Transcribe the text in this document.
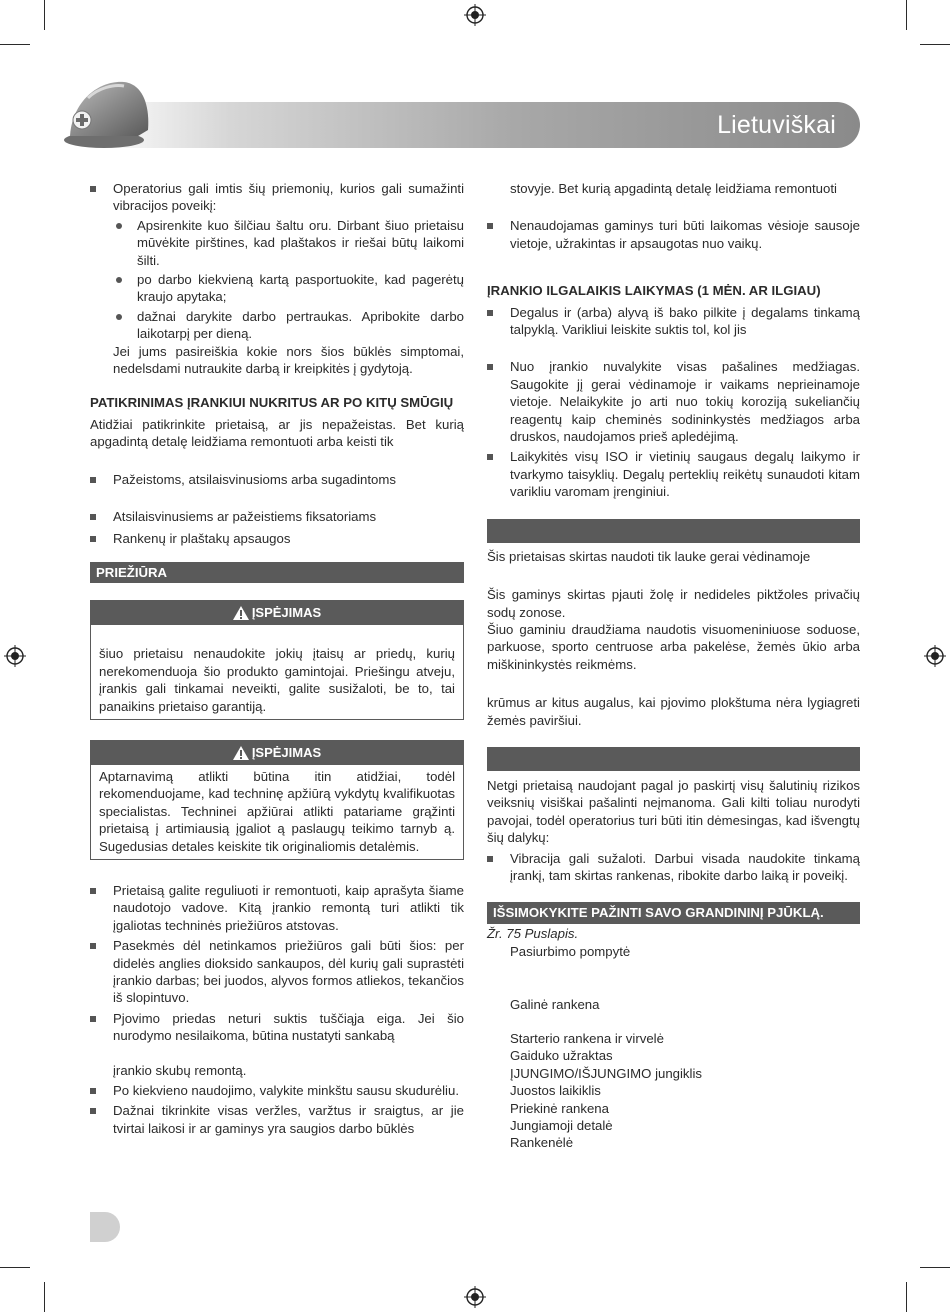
Lietuviškai
Operatorius gali imtis šių priemonių, kurios gali sumažinti vibracijos poveikį:
Apsirenkite kuo šilčiau šaltu oru. Dirbant šiuo prietaisu mūvėkite pirštines, kad plaštakos ir riešai būtų laikomi šilti.
po darbo kiekvieną kartą pasportuokite, kad pagerėtų kraujo apytaka;
dažnai darykite darbo pertraukas. Apribokite darbo laikotarpį per dieną.

Jei jums pasireiškia kokie nors šios būklės simptomai, nedelsdami nutraukite darbą ir kreipkitės į gydytoją.

PATIKRINIMAS ĮRANKIUI NUKRITUS AR PO KITŲ SMŪGIŲ

Atidžiai patikrinkite prietaisą, ar jis nepažeistas. Bet kurią apgadintą detalę leidžiama remontuoti arba keisti tik

Pažeistoms, atsilaisvinusioms arba sugadintoms
Atsilaisvinusiems ar pažeistiems fiksatoriams
Rankenų ir plaštakų apsaugos
PRIEŽIŪRA
ĮSPĖJIMAS

šiuo prietaisu nenaudokite jokių įtaisų ar priedų, kurių nerekomenduoja šio produkto gamintojai. Priešingu atveju, įrankis gali tinkamai neveikti, galite susižaloti, be to, tai panaikins prietaiso garantiją.

ĮSPĖJIMAS

Aptarnavimą atlikti būtina itin atidžiai, todėl rekomenduojame, kad techninę apžiūrą vykdytų kvalifikuotas specialistas. Techninei apžiūrai atlikti patariame grąžinti prietaisą į artimiausią įgaliot ą paslaugų teikimo tarnyb ą. Sugedusias detales keiskite tik originaliomis detalėmis.

Prietaisą galite reguliuoti ir remontuoti, kaip aprašyta šiame naudotojo vadove. Kitą įrankio remontą turi atlikti tik įgaliotas techninės priežiūros atstovas.
Pasekmės dėl netinkamos priežiūros gali būti šios: per didelės anglies dioksido sankaupos, dėl kurių gali suprastėti įrankio darbas; bei juodos, alyvos formos atliekos, tekančios iš slopintuvo.
Pjovimo priedas neturi suktis tuščiąja eiga. Jei šio nurodymo nesilaikoma, būtina nustatyti sankabą

įrankio skubų remontą.

Po kiekvieno naudojimo, valykite minkštu sausu skudurėliu.
Dažnai tikrinkite visas veržles, varžtus ir sraigtus, ar jie tvirtai laikosi ir ar gaminys yra saugios darbo būklės

stovyje. Bet kurią apgadintą detalę leidžiama remontuoti

Nenaudojamas gaminys turi būti laikomas vėsioje sausoje vietoje, užrakintas ir apsaugotas nuo vaikų.
ĮRANKIO ILGALAIKIS LAIKYMAS (1 MĖN. AR ILGIAU)
Degalus ir (arba) alyvą iš bako pilkite į degalams tinkamą talpyklą. Varikliui leiskite suktis tol, kol jis
Nuo įrankio nuvalykite visas pašalines medžiagas. Saugokite jį gerai vėdinamoje ir vaikams neprieinamoje vietoje. Nelaikykite jo arti nuo tokių koroziją sukeliančių reagentų kaip cheminės sodininkystės medžiagos arba druskos, naudojamos prieš apledėjimą.
Laikykitės visų ISO ir vietinių saugaus degalų laikymo ir tvarkymo taisyklių. Degalų perteklių reikėtų sunaudoti kitam varikliu varomam įrenginiui.

Šis prietaisas skirtas naudoti tik lauke gerai vėdinamoje

Šis gaminys skirtas pjauti žolę ir nedideles piktžoles privačių sodų zonose.

Šiuo gaminiu draudžiama naudotis visuomeniniuose soduose, parkuose, sporto centruose arba pakelėse, žemės ūkio arba miškininkystės reikmėms.

krūmus ar kitus augalus, kai pjovimo plokštuma nėra lygiagreti žemės paviršiui.

Netgi prietaisą naudojant pagal jo paskirtį visų šalutinių rizikos veiksnių visiškai pašalinti neįmanoma. Gali kilti toliau nurodyti pavojai, todėl operatorius turi būti itin dėmesingas, kad išvengtų šių dalykų:

Vibracija gali sužaloti. Darbui visada naudokite tinkamą įrankį, tam skirtas rankenas, ribokite darbo laiką ir poveikį.
IŠSIMOKYKITE PAŽINTI SAVO GRANDININĮ PJŪKLĄ.
Žr. 75 Puslapis.
Pasiurbimo pompytė
Galinė rankena
Starterio rankena ir virvelė
Gaiduko užraktas
ĮJUNGIMO/IŠJUNGIMO jungiklis
Juostos laikiklis
Priekinė rankena
Jungiamoji detalė
Rankenėlė
